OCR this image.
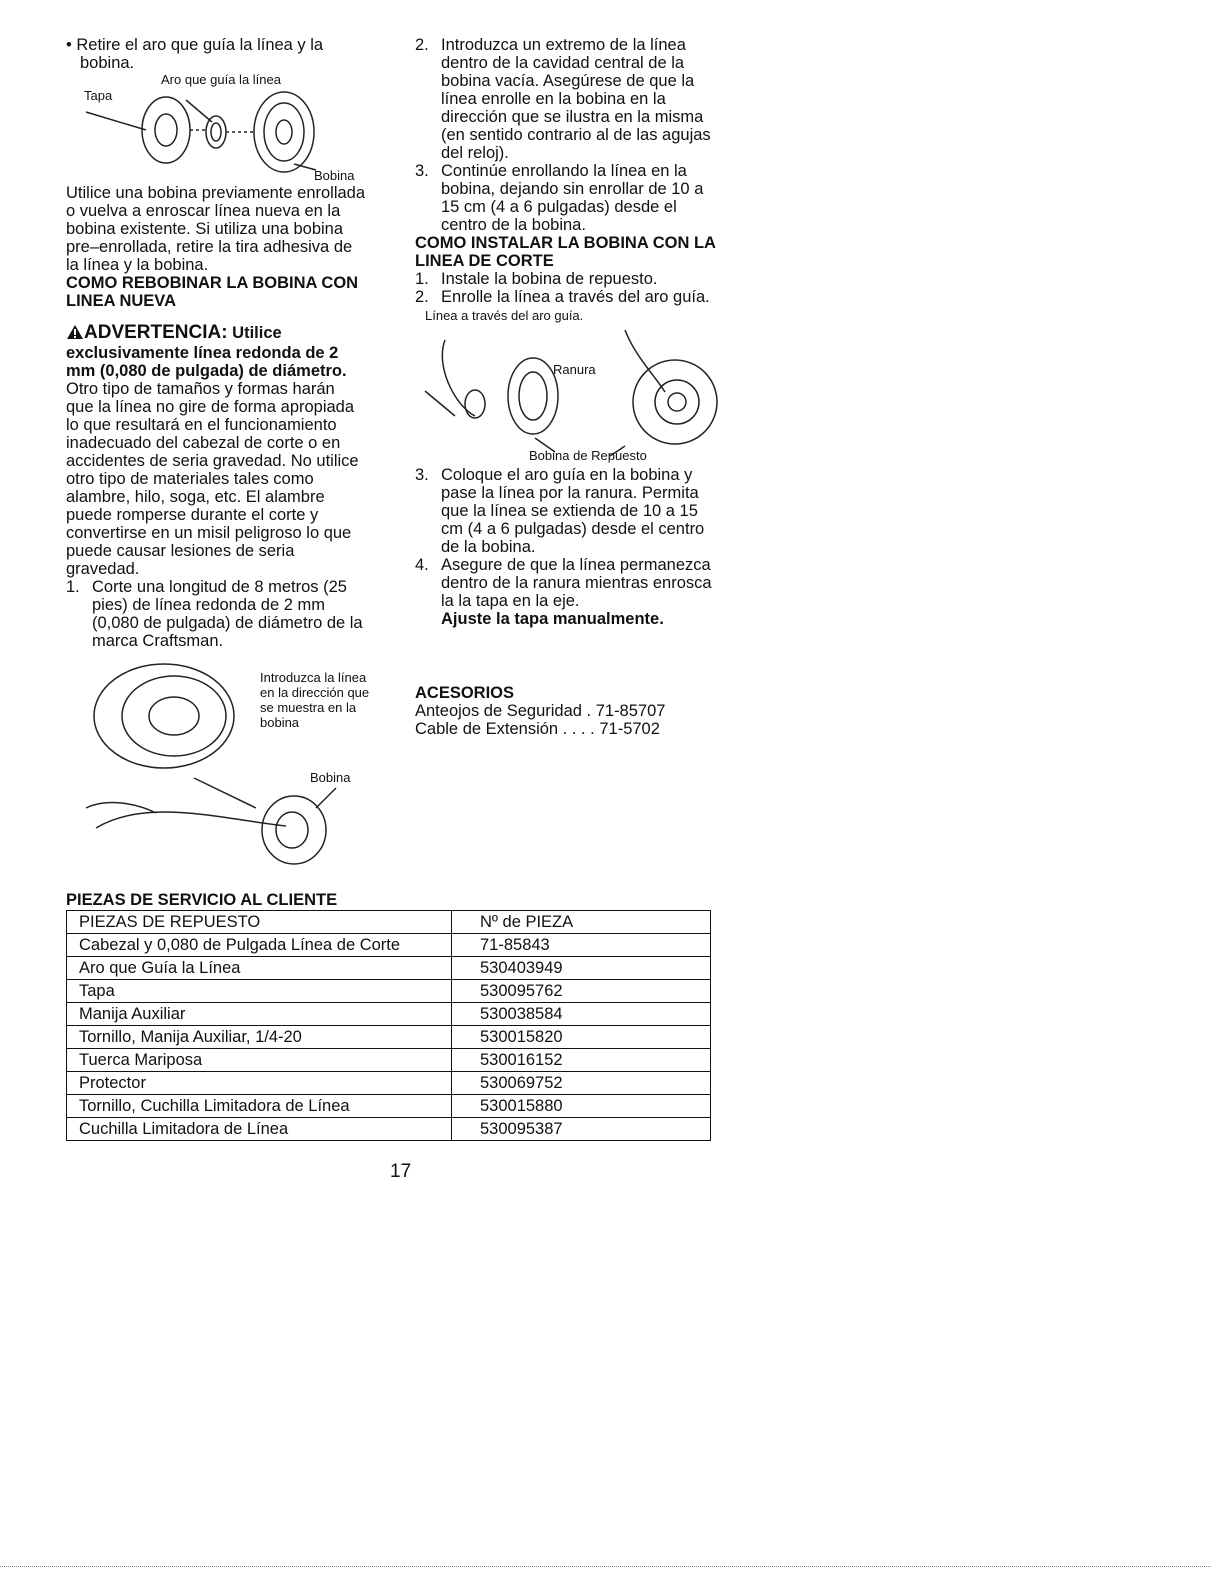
• Retire el aro que guía la línea y la bobina.

Aro que guía la línea
Tapa
Bobina

Utilice una bobina previamente enrollada o vuelva a enroscar línea nueva en la bobina existente. Si utiliza una bobina pre–enrollada, retire la tira adhesiva de la línea y la bobina.

COMO REBOBINAR LA BOBINA CON LINEA NUEVA

ADVERTENCIA: Utilice exclusivamente línea redonda de 2 mm (0,080 de pulgada) de diámetro. Otro tipo de tamaños y formas harán que la línea no gire de forma apropiada lo que resultará en el funcionamiento inadecuado del cabezal de corte o en accidentes de seria gravedad. No utilice otro tipo de materiales tales como alambre, hilo, soga, etc. El alambre puede romperse durante el corte y convertirse en un misil peligroso lo que puede causar lesiones de seria gravedad.

1. Corte una longitud de 8 metros (25 pies) de línea redonda de 2 mm (0,080 de pulgada) de diámetro de la marca Craftsman.
Introduzca la línea en la dirección que se muestra en la bobina
Bobina
2. Introduzca un extremo de la línea dentro de la cavidad central de la bobina vacía. Asegúrese de que la línea enrolle en la bobina en la dirección que se ilustra en la misma (en sentido contrario al de las agujas del reloj).
3. Continúe enrollando la línea en la bobina, dejando sin enrollar de 10 a 15 cm (4 a 6 pulgadas) desde el centro de la bobina.

COMO INSTALAR LA BOBINA CON LA LINEA DE CORTE

1. Instale la bobina de repuesto.
2. Enrolle la línea a través del aro guía.
Línea a través del aro guía.
Ranura
Bobina de Repuesto
3. Coloque el aro guía en la bobina y pase la línea por la ranura. Permita que la línea se extienda de 10 a 15 cm (4 a 6 pulgadas) desde el centro de la bobina.
4. Asegure de que la línea permanezca dentro de la ranura mientras enrosca la la tapa en la eje.
Ajuste la tapa manualmente.

ACESORIOS

Anteojos de Seguridad . 71-85707

Cable de Extensión . . . . 71-5702

PIEZAS DE SERVICIO AL CLIENTE
PIEZAS DE REPUESTO	Nº de PIEZA
Cabezal y 0,080 de Pulgada Línea de Corte	71-85843
Aro que Guía la Línea	530403949
Tapa	530095762
Manija Auxiliar	530038584
Tornillo, Manija Auxiliar, 1/4-20	530015820
Tuerca Mariposa	530016152
Protector	530069752
Tornillo, Cuchilla Limitadora de Línea	530015880
Cuchilla Limitadora de Línea	530095387
17
